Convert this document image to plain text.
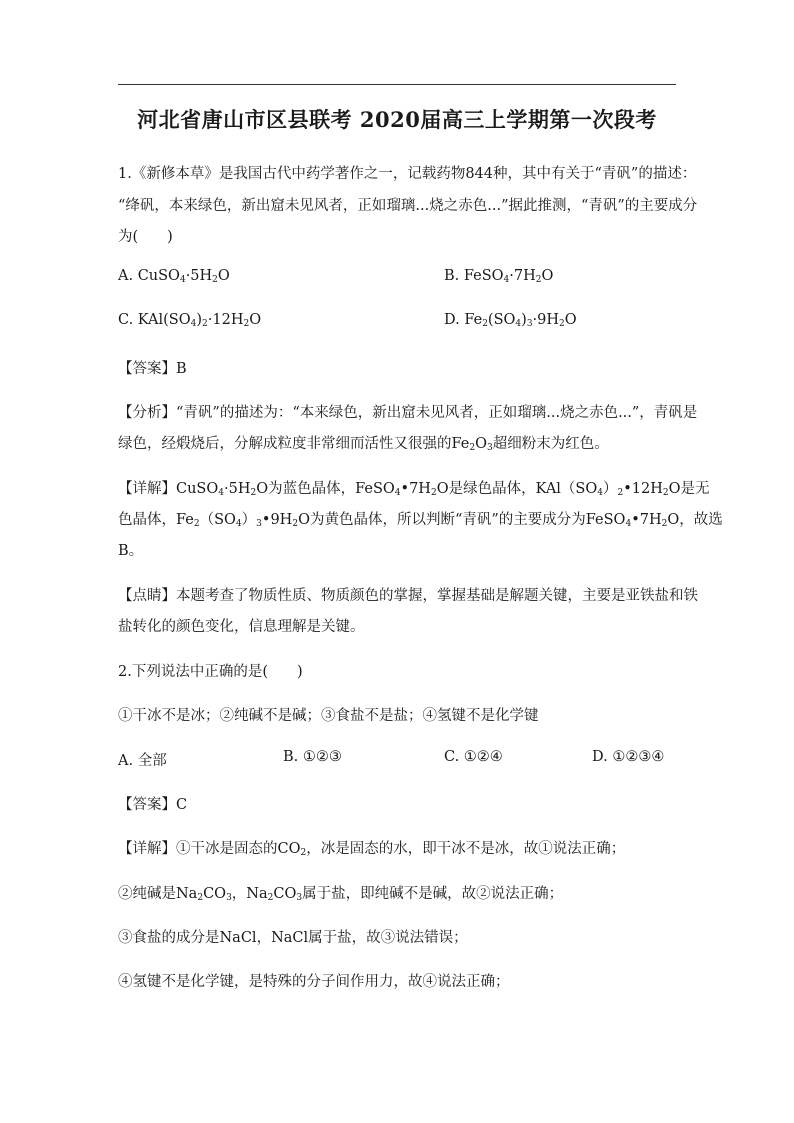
河北省唐山市区县联考 2020届高三上学期第一次段考
1.《新修本草》是我国古代中药学著作之一，记载药物844种，其中有关于“青矾”的描述：
“绛矾，本来绿色，新出窟未见风者，正如瑠璃...烧之赤色...”据此推测，“青矾”的主要成分
为(　　)
A. $CuSO_4\cdot 5H_2O$	B. $FeSO_4\cdot 7H_2O$
C. $KAl(SO_4)_2\cdot 12H_2O$	D. $Fe_2(SO_4)_3\cdot 9H_2O$
【答案】B
【分析】“青矾”的描述为：“本来绿色，新出窟未见风者，正如瑠璃...烧之赤色...”，青矾是
绿色，经煅烧后，分解成粒度非常细而活性又很强的$Fe_2O_3$超细粉末为红色。
【详解】$CuSO_4\cdot 5H_2O$为蓝色晶体，$FeSO_4•7H_2O$是绿色晶体，$KAl(SO_4)_2•12H_2O$是无
色晶体，$Fe_2(SO_4)_3•9H_2O$为黄色晶体，所以判断“青矾”的主要成分为$FeSO_4•7H_2O$，故选
B。
【点睛】本题考查了物质性质、物质颜色的掌握，掌握基础是解题关键，主要是亚铁盐和铁
盐转化的颜色变化，信息理解是关键。
2.下列说法中正确的是(　　)
①干冰不是冰；②纯碱不是碱；③食盐不是盐；④氢键不是化学键
A. 全部	B. ①②③	C. ①②④	D. ①②③④
【答案】C
【详解】①干冰是固态的$CO_2$，冰是固态的水，即干冰不是冰，故①说法正确；
②纯碱是$Na_2CO_3$，$Na_2CO_3$属于盐，即纯碱不是碱，故②说法正确；
③食盐的成分是NaCl，NaCl属于盐，故③说法错误；
④氢键不是化学键，是特殊的分子间作用力，故④说法正确；
